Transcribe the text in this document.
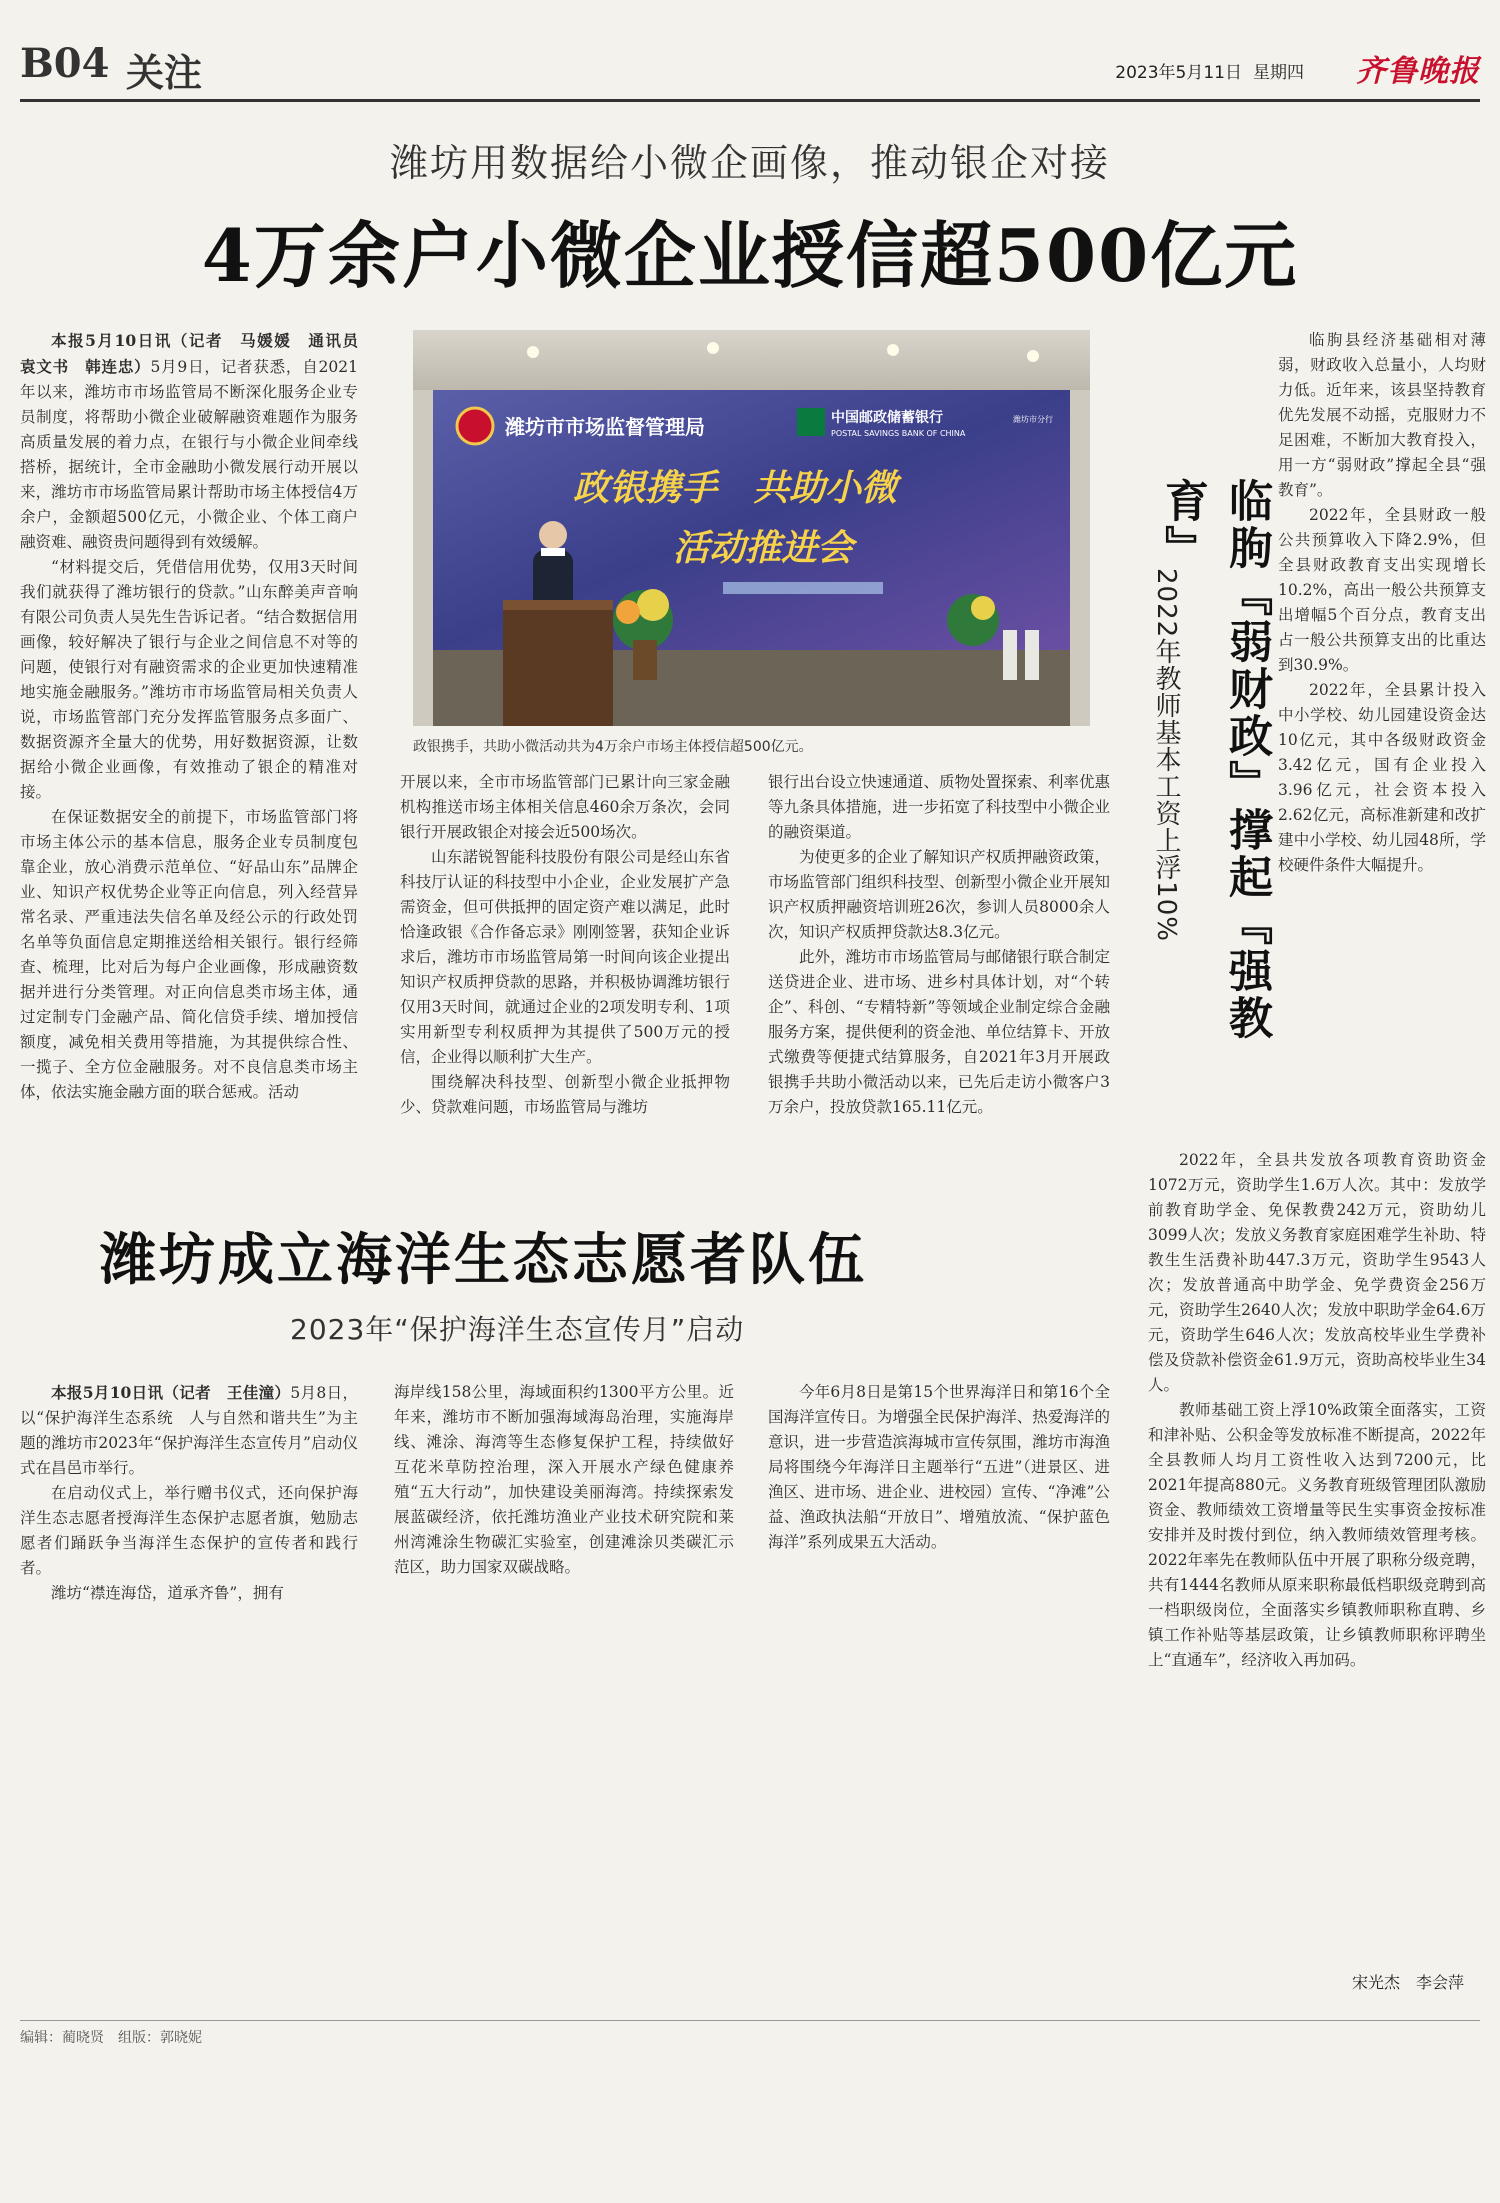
B04 关注	2023年5月11日 星期四 齐鲁晚报
潍坊用数据给小微企画像，推动银企对接
4万余户小微企业授信超500亿元

本报5月10日讯（记者　马媛媛　通讯员　袁文书　韩连忠）5月9日，记者获悉，自2021年以来，潍坊市市场监管局不断深化服务企业专员制度，将帮助小微企业破解融资难题作为服务高质量发展的着力点，在银行与小微企业间牵线搭桥，据统计，全市金融助小微发展行动开展以来，潍坊市市场监管局累计帮助市场主体授信4万余户，金额超500亿元，小微企业、个体工商户融资难、融资贵问题得到有效缓解。

“材料提交后，凭借信用优势，仅用3天时间我们就获得了潍坊银行的贷款。”山东醉美声音响有限公司负责人吴先生告诉记者。“结合数据信用画像，较好解决了银行与企业之间信息不对等的问题，使银行对有融资需求的企业更加快速精准地实施金融服务。”潍坊市市场监管局相关负责人说，市场监管部门充分发挥监管服务点多面广、数据资源齐全量大的优势，用好数据资源，让数据给小微企业画像，有效推动了银企的精准对接。

在保证数据安全的前提下，市场监管部门将市场主体公示的基本信息，服务企业专员制度包靠企业，放心消费示范单位、“好品山东”品牌企业、知识产权优势企业等正向信息，列入经营异常名录、严重违法失信名单及经公示的行政处罚名单等负面信息定期推送给相关银行。银行经筛查、梳理，比对后为每户企业画像，形成融资数据并进行分类管理。对正向信息类市场主体，通过定制专门金融产品、简化信贷手续、增加授信额度，减免相关费用等措施，为其提供综合性、一揽子、全方位金融服务。对不良信息类市场主体，依法实施金融方面的联合惩戒。活动

潍坊市市场监督管理局	中国邮政储蓄银行
POSTAL SAVINGS BANK OF CHINA
潍坊市分行
政银携手　共助小微
活动推进会
政银携手，共助小微活动共为4万余户市场主体授信超500亿元。

开展以来，全市市场监管部门已累计向三家金融机构推送市场主体相关信息460余万条次，会同银行开展政银企对接会近500场次。

山东諾锐智能科技股份有限公司是经山东省科技厅认证的科技型中小企业，企业发展扩产急需资金，但可供抵押的固定资产难以满足，此时恰逢政银《合作备忘录》刚刚签署，获知企业诉求后，潍坊市市场监管局第一时间向该企业提出知识产权质押贷款的思路，并积极协调潍坊银行仅用3天时间，就通过企业的2项发明专利、1项实用新型专利权质押为其提供了500万元的授信，企业得以顺利扩大生产。

围绕解决科技型、创新型小微企业抵押物少、贷款难问题，市场监管局与潍坊

银行出台设立快速通道、质物处置探索、利率优惠等九条具体措施，进一步拓宽了科技型中小微企业的融资渠道。

为使更多的企业了解知识产权质押融资政策，市场监管部门组织科技型、创新型小微企业开展知识产权质押融资培训班26次，参训人员8000余人次，知识产权质押贷款达8.3亿元。

此外，潍坊市市场监管局与邮储银行联合制定送贷进企业、进市场、进乡村具体计划，对“个转企”、科创、“专精特新”等领域企业制定综合金融服务方案，提供便利的资金池、单位结算卡、开放式缴费等便捷式结算服务，自2021年3月开展政银携手共助小微活动以来，已先后走访小微客户3万余户，投放贷款165.11亿元。

临朐『弱财政』撑起『强教育』
2022年教师基本工资上浮10%

临朐县经济基础相对薄弱，财政收入总量小，人均财力低。近年来，该县坚持教育优先发展不动摇，克服财力不足困难，不断加大教育投入，用一方“弱财政”撑起全县“强教育”。

2022年，全县财政一般公共预算收入下降2.9%，但全县财政教育支出实现增长10.2%，高出一般公共预算支出增幅5个百分点，教育支出占一般公共预算支出的比重达到30.9%。

2022年，全县累计投入中小学校、幼儿园建设资金达10亿元，其中各级财政资金3.42亿元，国有企业投入3.96亿元，社会资本投入2.62亿元，高标准新建和改扩建中小学校、幼儿园48所，学校硬件条件大幅提升。

2022年，全县共发放各项教育资助资金1072万元，资助学生1.6万人次。其中：发放学前教育助学金、免保教费242万元，资助幼儿3099人次；发放义务教育家庭困难学生补助、特教生生活费补助447.3万元，资助学生9543人次；发放普通高中助学金、免学费资金256万元，资助学生2640人次；发放中职助学金64.6万元，资助学生646人次；发放高校毕业生学费补偿及贷款补偿资金61.9万元，资助高校毕业生34人。

教师基础工资上浮10%政策全面落实，工资和津补贴、公积金等发放标准不断提高，2022年全县教师人均月工资性收入达到7200元，比2021年提高880元。义务教育班级管理团队激励资金、教师绩效工资增量等民生实事资金按标准安排并及时拨付到位，纳入教师绩效管理考核。2022年率先在教师队伍中开展了职称分级竞聘，共有1444名教师从原来职称最低档职级竞聘到高一档职级岗位，全面落实乡镇教师职称直聘、乡镇工作补贴等基层政策，让乡镇教师职称评聘坐上“直通车”，经济收入再加码。

宋光杰　李会萍
潍坊成立海洋生态志愿者队伍
2023年“保护海洋生态宣传月”启动

本报5月10日讯（记者　王佳潼）5月8日，以“保护海洋生态系统　人与自然和谐共生”为主题的潍坊市2023年“保护海洋生态宣传月”启动仪式在昌邑市举行。

在启动仪式上，举行赠书仪式，还向保护海洋生态志愿者授海洋生态保护志愿者旗，勉励志愿者们踊跃争当海洋生态保护的宣传者和践行者。

潍坊“襟连海岱，道承齐鲁”，拥有

海岸线158公里，海域面积约1300平方公里。近年来，潍坊市不断加强海域海岛治理，实施海岸线、滩涂、海湾等生态修复保护工程，持续做好互花米草防控治理，深入开展水产绿色健康养殖“五大行动”，加快建设美丽海湾。持续探索发展蓝碳经济，依托潍坊渔业产业技术研究院和莱州湾滩涂生物碳汇实验室，创建滩涂贝类碳汇示范区，助力国家双碳战略。

今年6月8日是第15个世界海洋日和第16个全国海洋宣传日。为增强全民保护海洋、热爱海洋的意识，进一步营造滨海城市宣传氛围，潍坊市海渔局将围绕今年海洋日主题举行“五进”（进景区、进渔区、进市场、进企业、进校园）宣传、“净滩”公益、渔政执法船“开放日”、增殖放流、“保护蓝色海洋”系列成果五大活动。

编辑：蔺晓贤　组版：郭晓妮
